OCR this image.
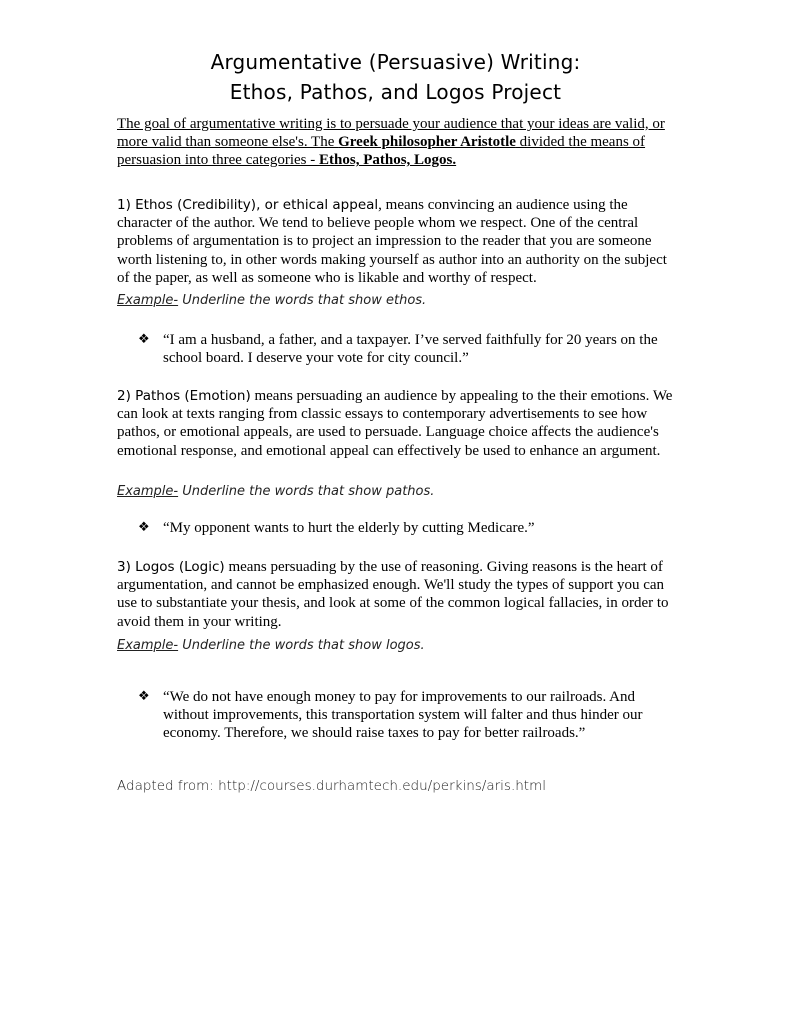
Argumentative (Persuasive) Writing:
Ethos, Pathos, and Logos Project
The goal of argumentative writing is to persuade your audience that your ideas are valid, or more valid than someone else's. The Greek philosopher Aristotle divided the means of persuasion into three categories - Ethos, Pathos, Logos.
1) Ethos (Credibility), or ethical appeal, means convincing an audience using the character of the author. We tend to believe people whom we respect. One of the central problems of argumentation is to project an impression to the reader that you are someone worth listening to, in other words making yourself as author into an authority on the subject of the paper, as well as someone who is likable and worthy of respect.
Example- Underline the words that show ethos.
❖ “I am a husband, a father, and a taxpayer. I’ve served faithfully for 20 years on the school board. I deserve your vote for city council.”
2) Pathos (Emotion) means persuading an audience by appealing to the their emotions. We can look at texts ranging from classic essays to contemporary advertisements to see how pathos, or emotional appeals, are used to persuade. Language choice affects the audience's emotional response, and emotional appeal can effectively be used to enhance an argument.
Example- Underline the words that show pathos.
❖ “My opponent wants to hurt the elderly by cutting Medicare.”
3) Logos (Logic) means persuading by the use of reasoning. Giving reasons is the heart of argumentation, and cannot be emphasized enough. We'll study the types of support you can use to substantiate your thesis, and look at some of the common logical fallacies, in order to avoid them in your writing.
Example- Underline the words that show logos.
❖ “We do not have enough money to pay for improvements to our railroads. And without improvements, this transportation system will falter and thus hinder our economy. Therefore, we should raise taxes to pay for better railroads.”
Adapted from: http://courses.durhamtech.edu/perkins/aris.html
